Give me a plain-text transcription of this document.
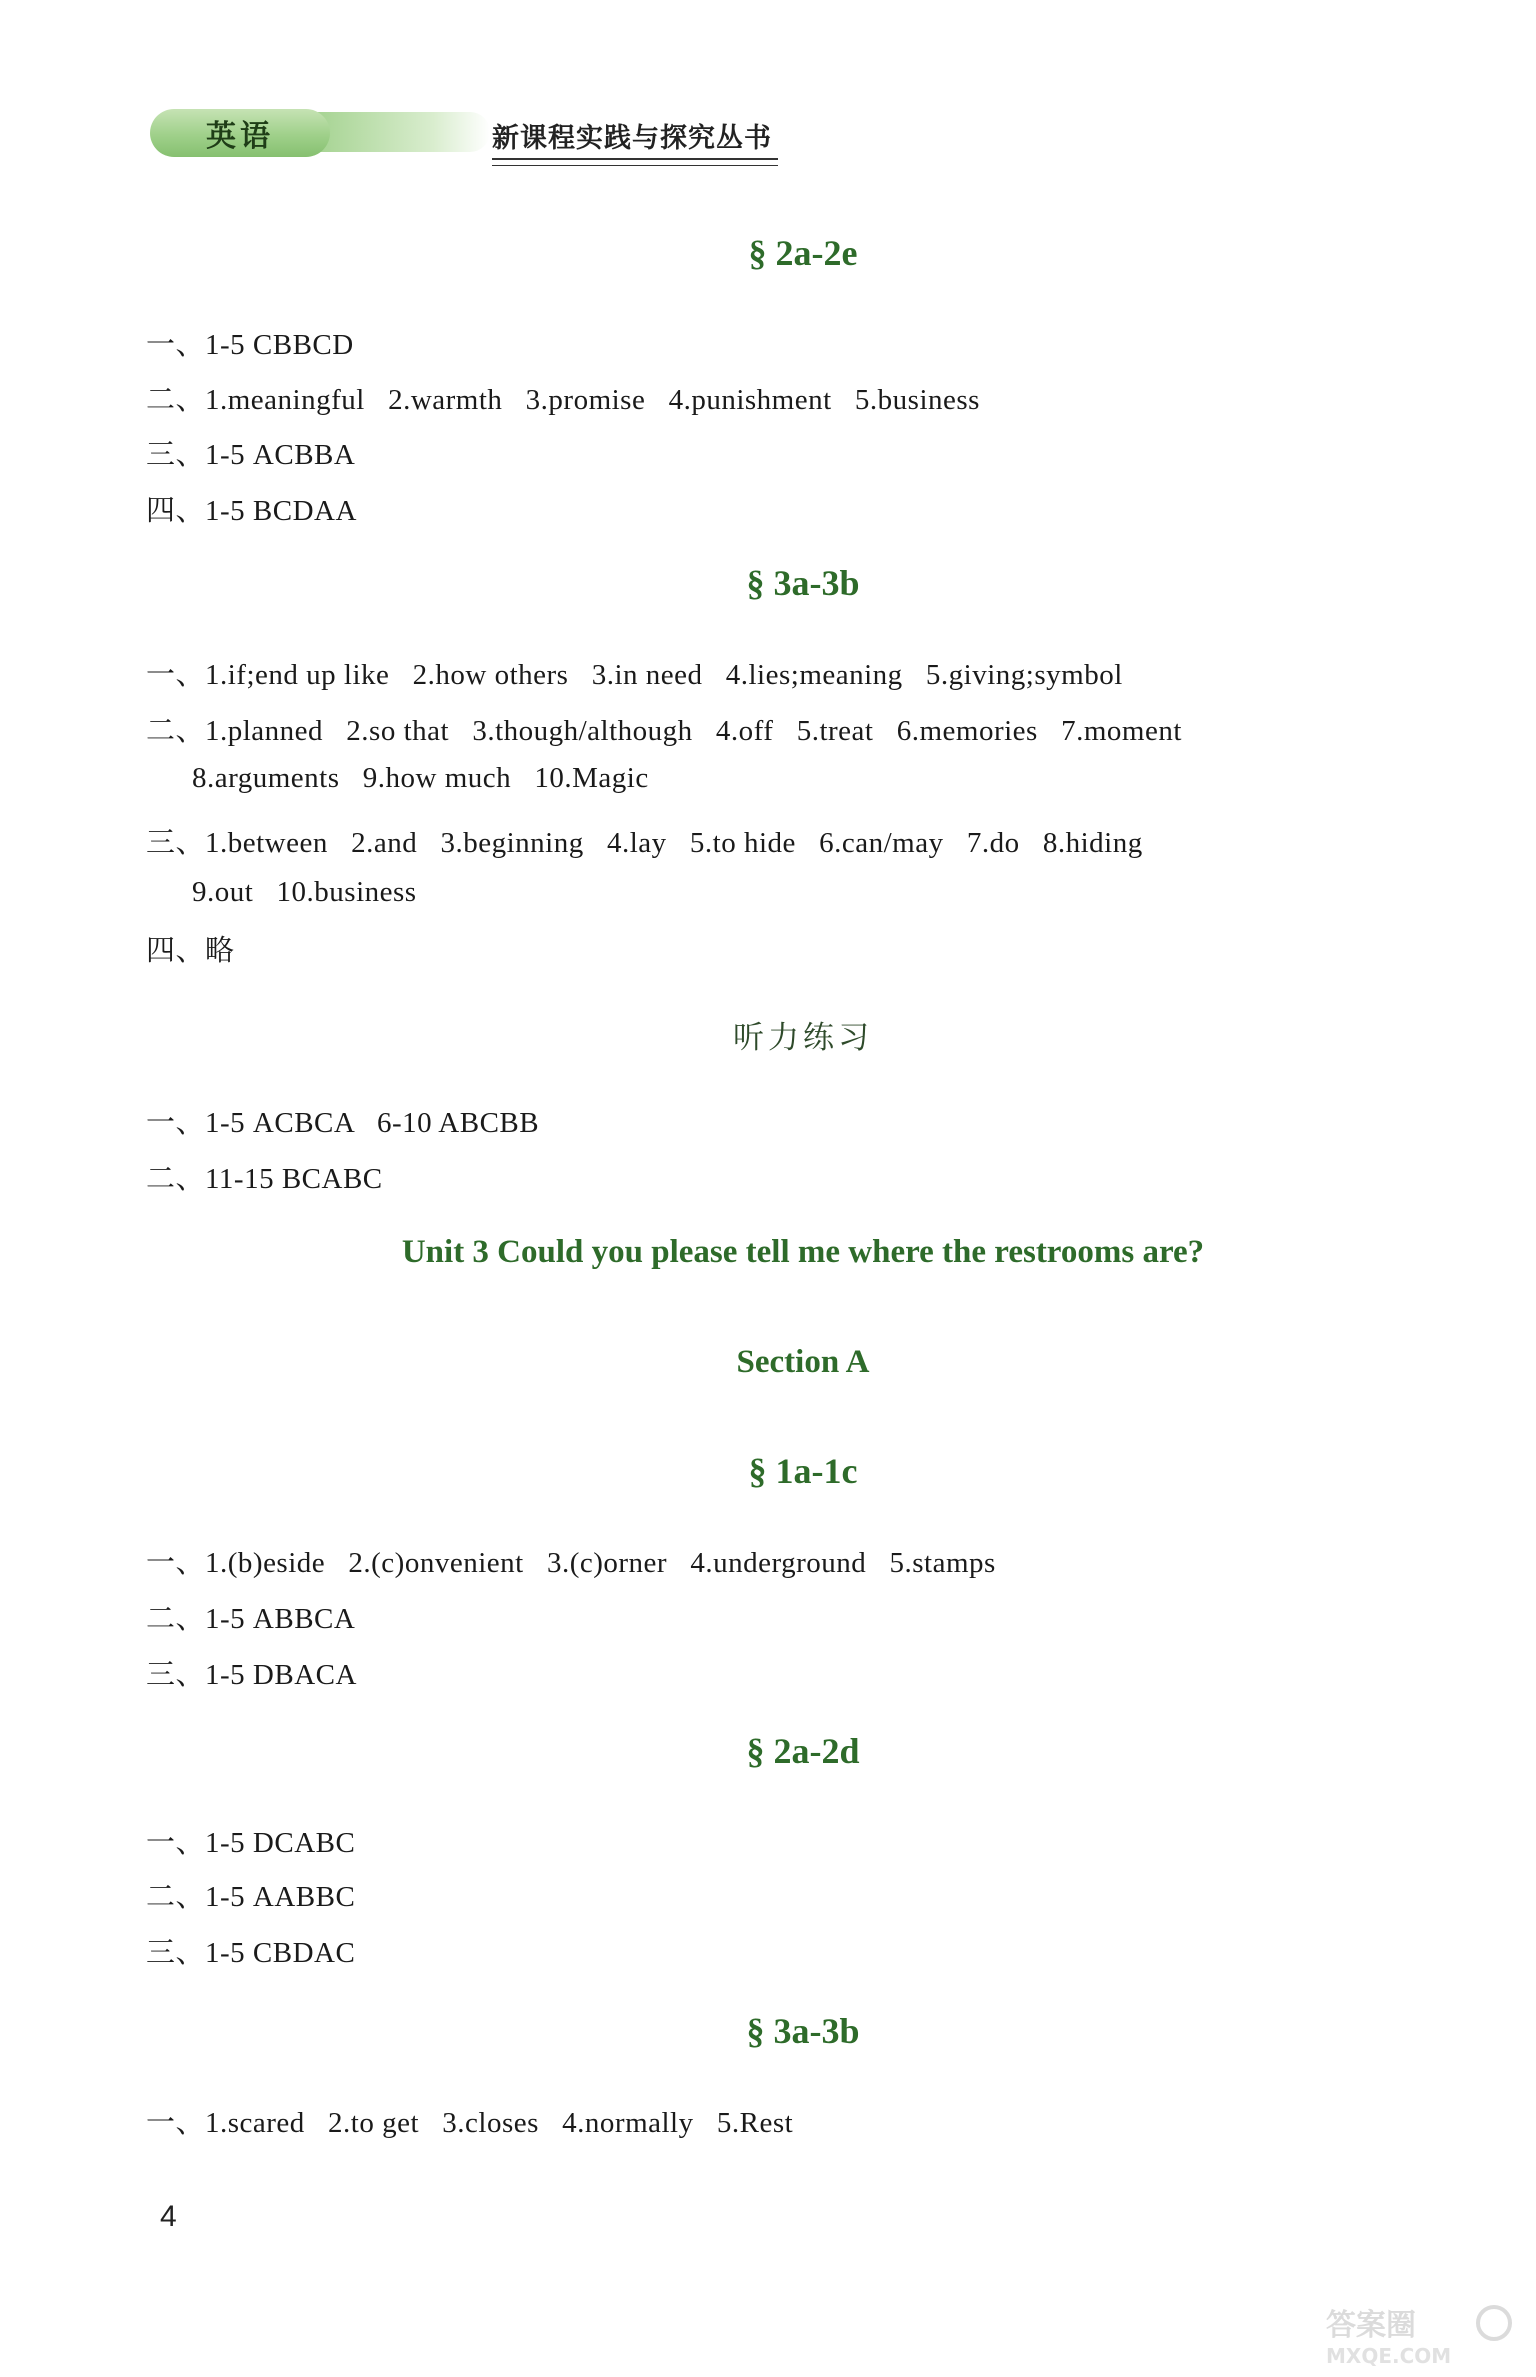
英语	新课程实践与探究丛书
§ 2a-2e
一、1-5 CBBCD
二、1.meaningful   2.warmth   3.promise   4.punishment   5.business
三、1-5 ACBBA
四、1-5 BCDAA
§ 3a-3b
一、1.if;end up like   2.how others   3.in need   4.lies;meaning   5.giving;symbol
二、1.planned   2.so that   3.though/although   4.off   5.treat   6.memories   7.moment
8.arguments   9.how much   10.Magic
三、1.between   2.and   3.beginning   4.lay   5.to hide   6.can/may   7.do   8.hiding
9.out   10.business
四、略
听力练习
一、1-5 ACBCA   6-10 ABCBB
二、11-15 BCABC
Unit 3 Could you please tell me where the restrooms are?
Section A
§ 1a-1c
一、1.(b)eside   2.(c)onvenient   3.(c)orner   4.underground   5.stamps
二、1-5 ABBCA
三、1-5 DBACA
§ 2a-2d
一、1-5 DCABC
二、1-5 AABBC
三、1-5 CBDAC
§ 3a-3b
一、1.scared   2.to get   3.closes   4.normally   5.Rest
4
答案圈
MXQE.COM
